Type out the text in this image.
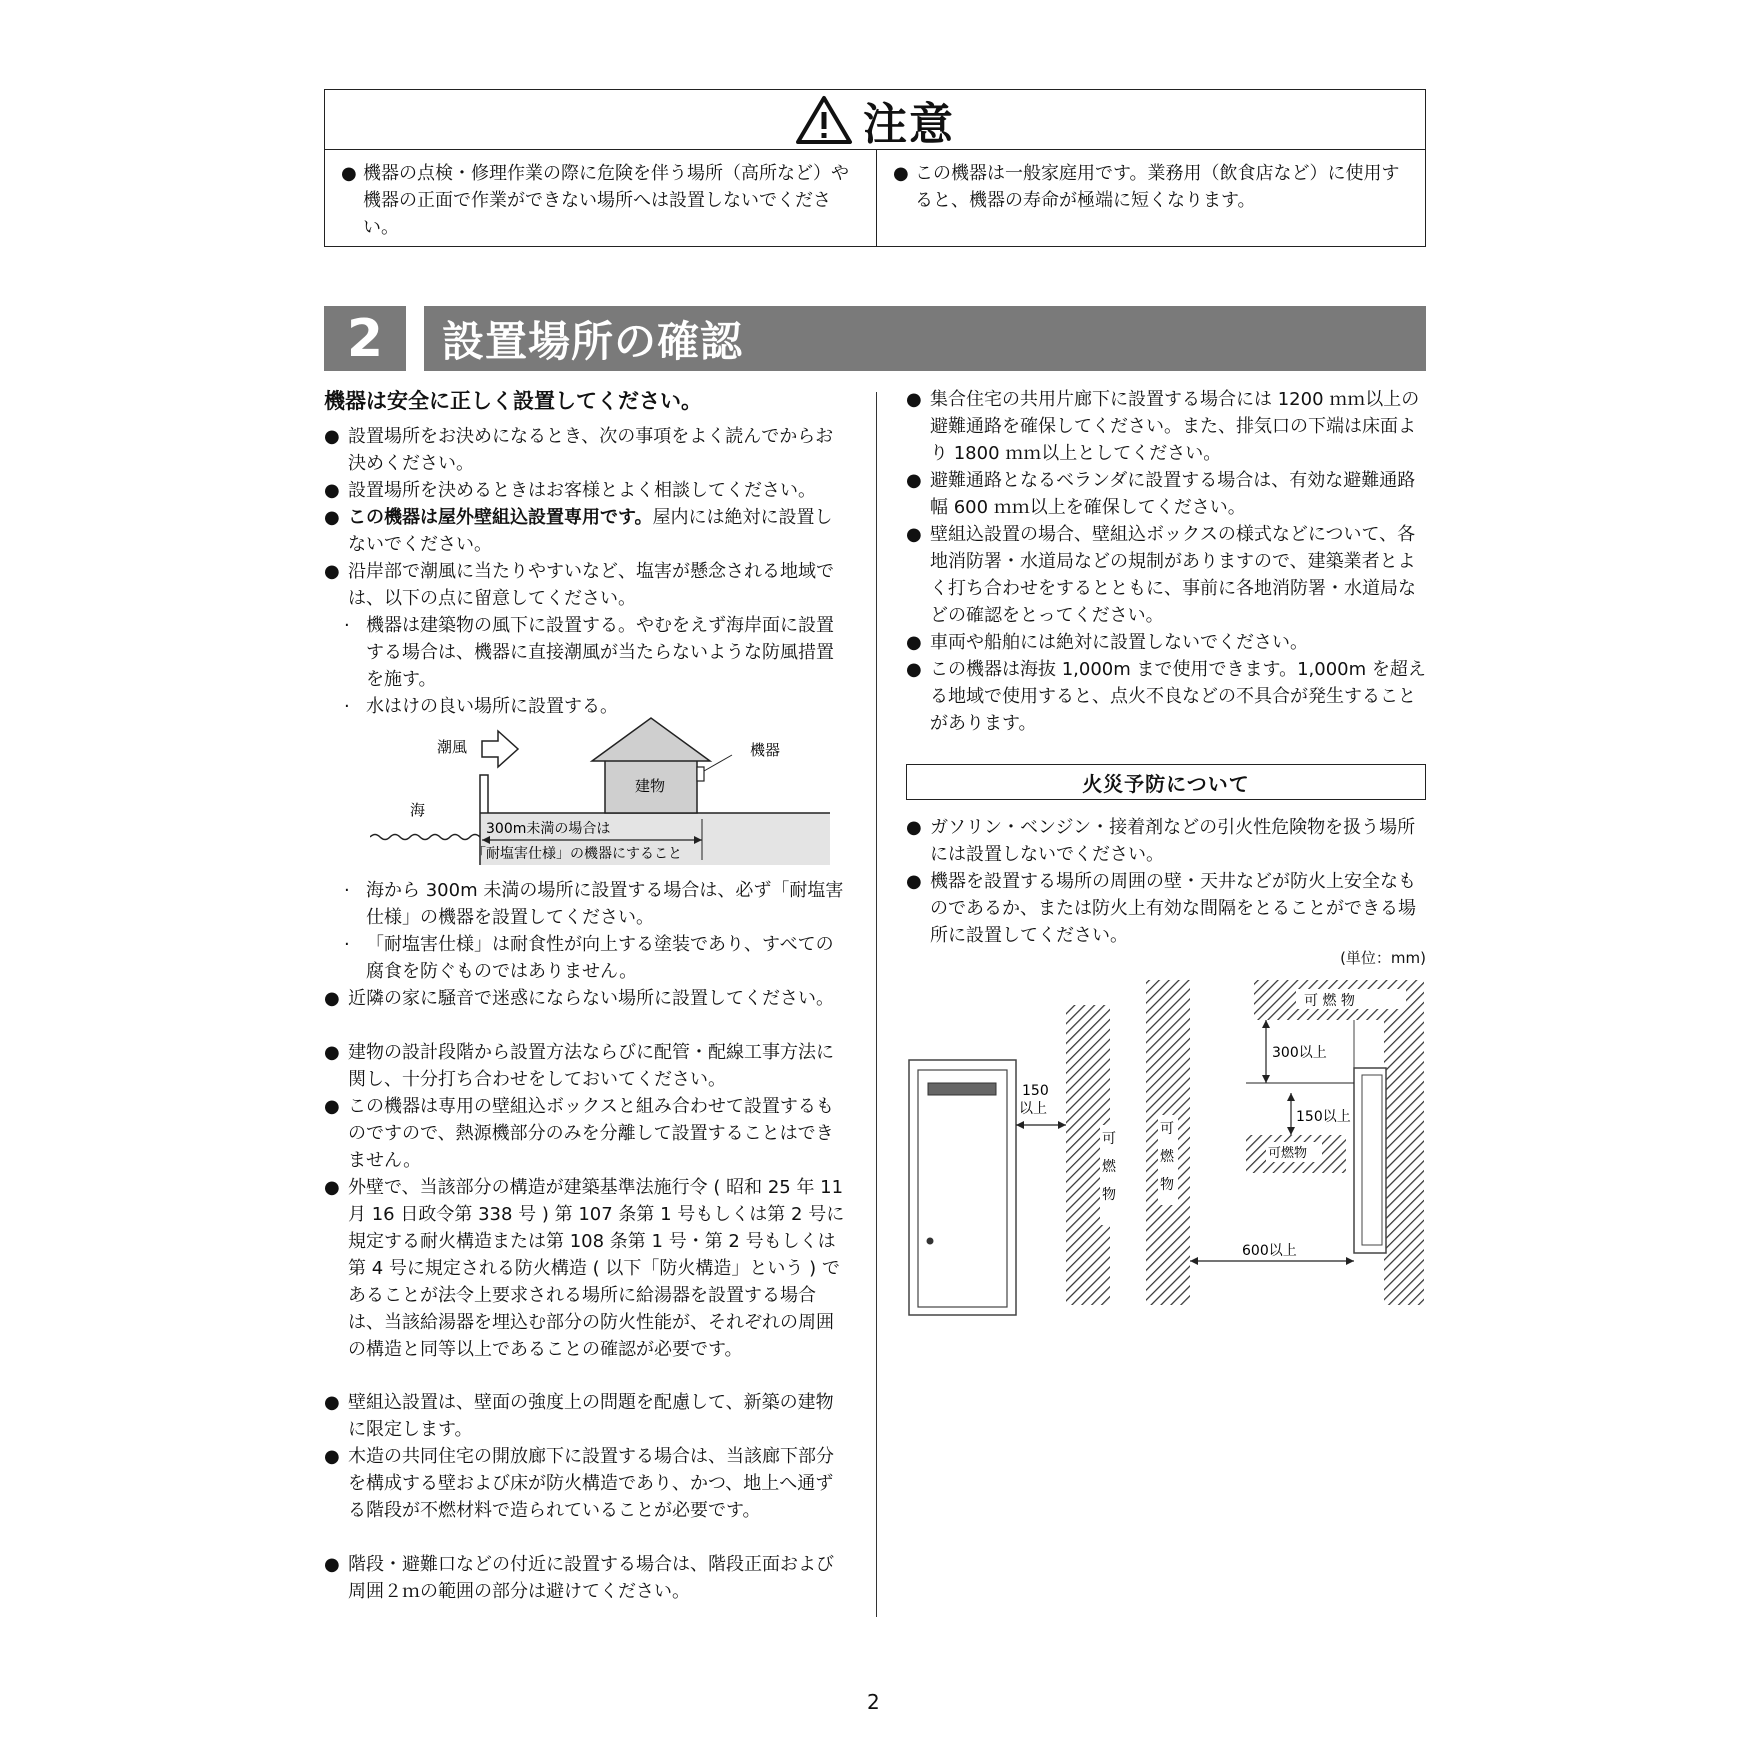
注意
● 機器の点検・修理作業の際に危険を伴う場所（高所など）や機器の正面で作業ができない場所へは設置しないでください。
● この機器は一般家庭用です。業務用（飲食店など）に使用すると、機器の寿命が極端に短くなります。
2	設置場所の確認
機器は安全に正しく設置してください。
● 設置場所をお決めになるとき、次の事項をよく読んでからお決めください。
● 設置場所を決めるときはお客様とよく相談してください。
● この機器は屋外壁組込設置専用です。屋内には絶対に設置しないでください。
● 沿岸部で潮風に当たりやすいなど、塩害が懸念される地域では、以下の点に留意してください。
· 機器は建築物の風下に設置する。やむをえず海岸面に設置する場合は、機器に直接潮風が当たらないような防風措置を施す。
· 水はけの良い場所に設置する。
潮風
建物
機器
海
300m未満の場合は
「耐塩害仕様」の機器にすること
· 海から 300m 未満の場所に設置する場合は、必ず「耐塩害仕様」の機器を設置してください。
· 「耐塩害仕様」は耐食性が向上する塗装であり、すべての腐食を防ぐものではありません。
● 近隣の家に騒音で迷惑にならない場所に設置してください。
● 建物の設計段階から設置方法ならびに配管・配線工事方法に関し、十分打ち合わせをしておいてください。
● この機器は専用の壁組込ボックスと組み合わせて設置するものですので、熱源機部分のみを分離して設置することはできません。
● 外壁で、当該部分の構造が建築基準法施行令 ( 昭和 25 年 11 月 16 日政令第 338 号 ) 第 107 条第 1 号もしくは第 2 号に規定する耐火構造または第 108 条第 1 号・第 2 号もしくは第 4 号に規定される防火構造 ( 以下「防火構造」という ) であることが法令上要求される場所に給湯器を設置する場合は、当該給湯器を埋込む部分の防火性能が、それぞれの周囲の構造と同等以上であることの確認が必要です。
● 壁組込設置は、壁面の強度上の問題を配慮して、新築の建物に限定します。
● 木造の共同住宅の開放廊下に設置する場合は、当該廊下部分を構成する壁および床が防火構造であり、かつ、地上へ通ずる階段が不燃材料で造られていることが必要です。
● 階段・避難口などの付近に設置する場合は、階段正面および周囲２ｍの範囲の部分は避けてください。
● 集合住宅の共用片廊下に設置する場合には 1200 ｍｍ以上の避難通路を確保してください。また、排気口の下端は床面より 1800 ｍｍ以上としてください。
● 避難通路となるベランダに設置する場合は、有効な避難通路幅 600 ｍｍ以上を確保してください。
● 壁組込設置の場合、壁組込ボックスの様式などについて、各地消防署・水道局などの規制がありますので、建築業者とよく打ち合わせをするとともに、事前に各地消防署・水道局などの確認をとってください。
● 車両や船舶には絶対に設置しないでください。
● この機器は海抜 1,000m まで使用できます。1,000m を超える地域で使用すると、点火不良などの不具合が発生することがあります。
火災予防について
● ガソリン・ベンジン・接着剤などの引火性危険物を扱う場所には設置しないでください。
● 機器を設置する場所の周囲の壁・天井などが防火上安全なものであるか、または防火上有効な間隔をとることができる場所に設置してください。
(単位：mm)
150
以上
可燃物
可燃物
可 燃 物
可燃物
300以上
150以上
600以上
2
